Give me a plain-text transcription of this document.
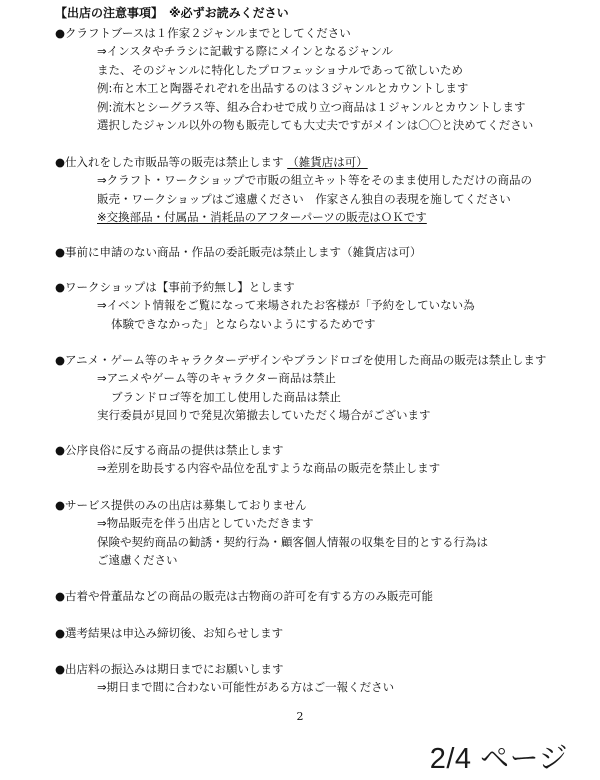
【出店の注意事項】　※必ずお読みください
●クラフトブースは１作家２ジャンルまでとしてください
⇒インスタやチラシに記載する際にメインとなるジャンル
また、そのジャンルに特化したプロフェッショナルであって欲しいため
例:布と木工と陶器それぞれを出品するのは３ジャンルとカウントします
例:流木とシーグラス等、組み合わせで成り立つ商品は１ジャンルとカウントします
選択したジャンル以外の物も販売しても大丈夫ですがメインは〇〇と決めてください
●仕入れをした市販品等の販売は禁止します （雑貨店は可）
⇒クラフト・ワークショップで市販の組立キット等をそのまま使用しただけの商品の
販売・ワークショップはご遠慮ください　作家さん独自の表現を施してください
※交換部品・付属品・消耗品のアフターパーツの販売はＯＫです
●事前に申請のない商品・作品の委託販売は禁止します（雑貨店は可）
●ワークショップは【事前予約無し】とします
⇒イベント情報をご覧になって来場されたお客様が「予約をしていない為
体験できなかった」とならないようにするためです
●アニメ・ゲーム等のキャラクターデザインやブランドロゴを使用した商品の販売は禁止します
⇒アニメやゲーム等のキャラクター商品は禁止
ブランドロゴ等を加工し使用した商品は禁止
実行委員が見回りで発見次第撤去していただく場合がございます
●公序良俗に反する商品の提供は禁止します
⇒差別を助長する内容や品位を乱すような商品の販売を禁止します
●サービス提供のみの出店は募集しておりません
⇒物品販売を伴う出店としていただきます
保険や契約商品の勧誘・契約行為・顧客個人情報の収集を目的とする行為は
ご遠慮ください
●古着や骨董品などの商品の販売は古物商の許可を有する方のみ販売可能
●選考結果は申込み締切後、お知らせします
●出店料の振込みは期日までにお願いします
⇒期日まで間に合わない可能性がある方はご一報ください
2
2/4 ページ
